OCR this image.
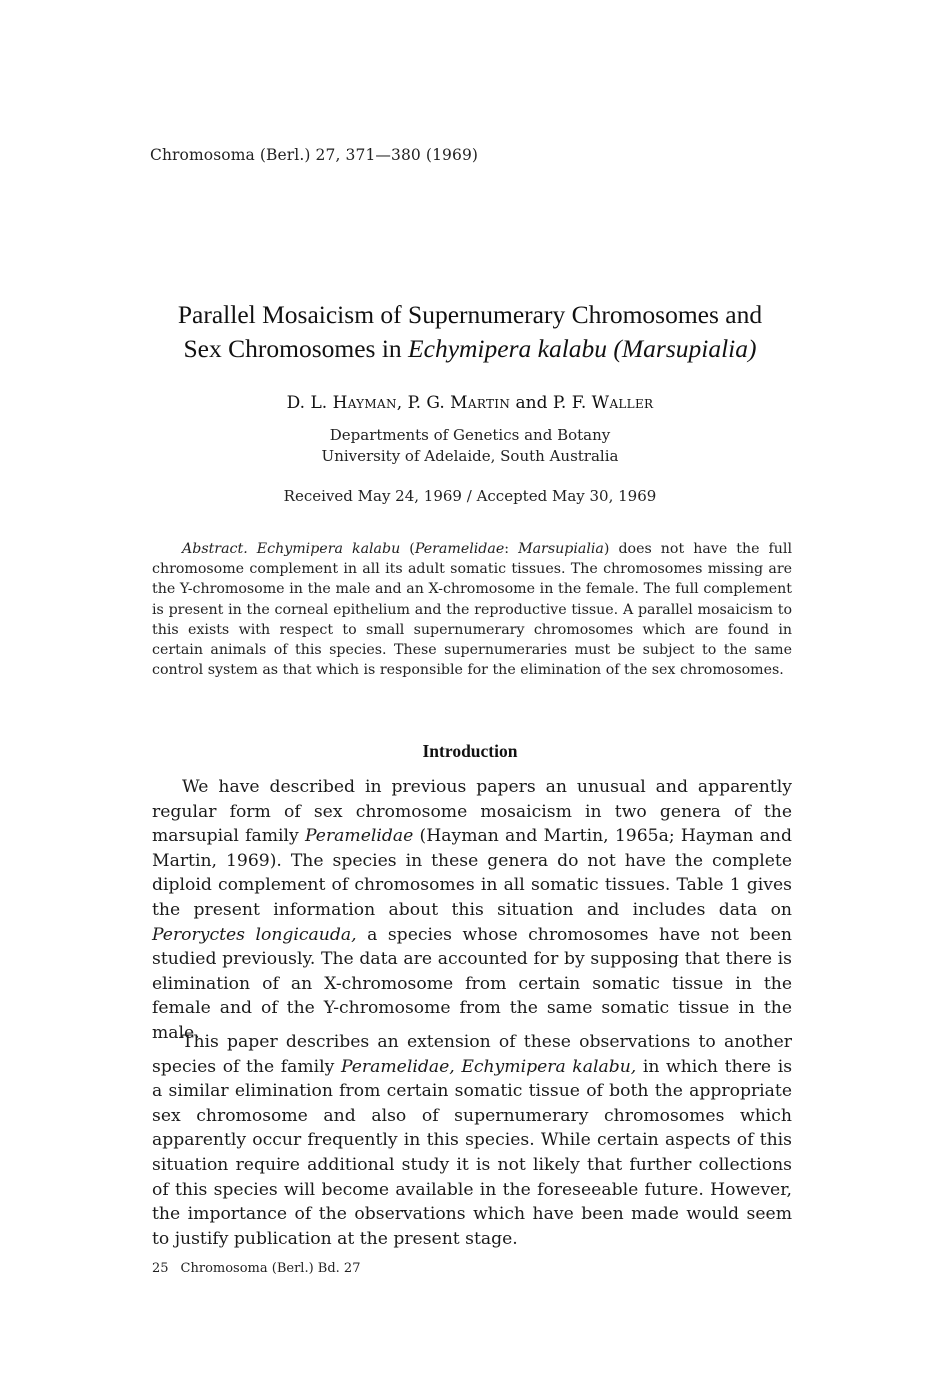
Chromosoma (Berl.) 27, 371—380 (1969)
Parallel Mosaicism of Supernumerary Chromosomes and
Sex Chromosomes in Echymipera kalabu (Marsupialia)
D. L. Hayman, P. G. Martin and P. F. Waller
Departments of Genetics and Botany
University of Adelaide, South Australia
Received May 24, 1969 / Accepted May 30, 1969
Abstract. Echymipera kalabu (Peramelidae: Marsupialia) does not have the full chromosome complement in all its adult somatic tissues. The chromosomes missing are the Y-chromosome in the male and an X-chromosome in the female. The full complement is present in the corneal epithelium and the reproductive tissue. A parallel mosaicism to this exists with respect to small supernumerary chromosomes which are found in certain animals of this species. These supernumeraries must be subject to the same control system as that which is responsible for the elimination of the sex chromosomes.
Introduction
We have described in previous papers an unusual and apparently regular form of sex chromosome mosaicism in two genera of the marsupial family Peramelidae (Hayman and Martin, 1965a; Hayman and Martin, 1969). The species in these genera do not have the complete diploid complement of chromosomes in all somatic tissues. Table 1 gives the present information about this situation and includes data on Peroryctes longicauda, a species whose chromosomes have not been studied previously. The data are accounted for by supposing that there is elimination of an X-chromosome from certain somatic tissue in the female and of the Y-chromosome from the same somatic tissue in the male.
This paper describes an extension of these observations to another species of the family Peramelidae, Echymipera kalabu, in which there is a similar elimination from certain somatic tissue of both the appropriate sex chromosome and also of supernumerary chromosomes which apparently occur frequently in this species. While certain aspects of this situation require additional study it is not likely that further collections of this species will become available in the foreseeable future. However, the importance of the observations which have been made would seem to justify publication at the present stage.
25 Chromosoma (Berl.) Bd. 27
